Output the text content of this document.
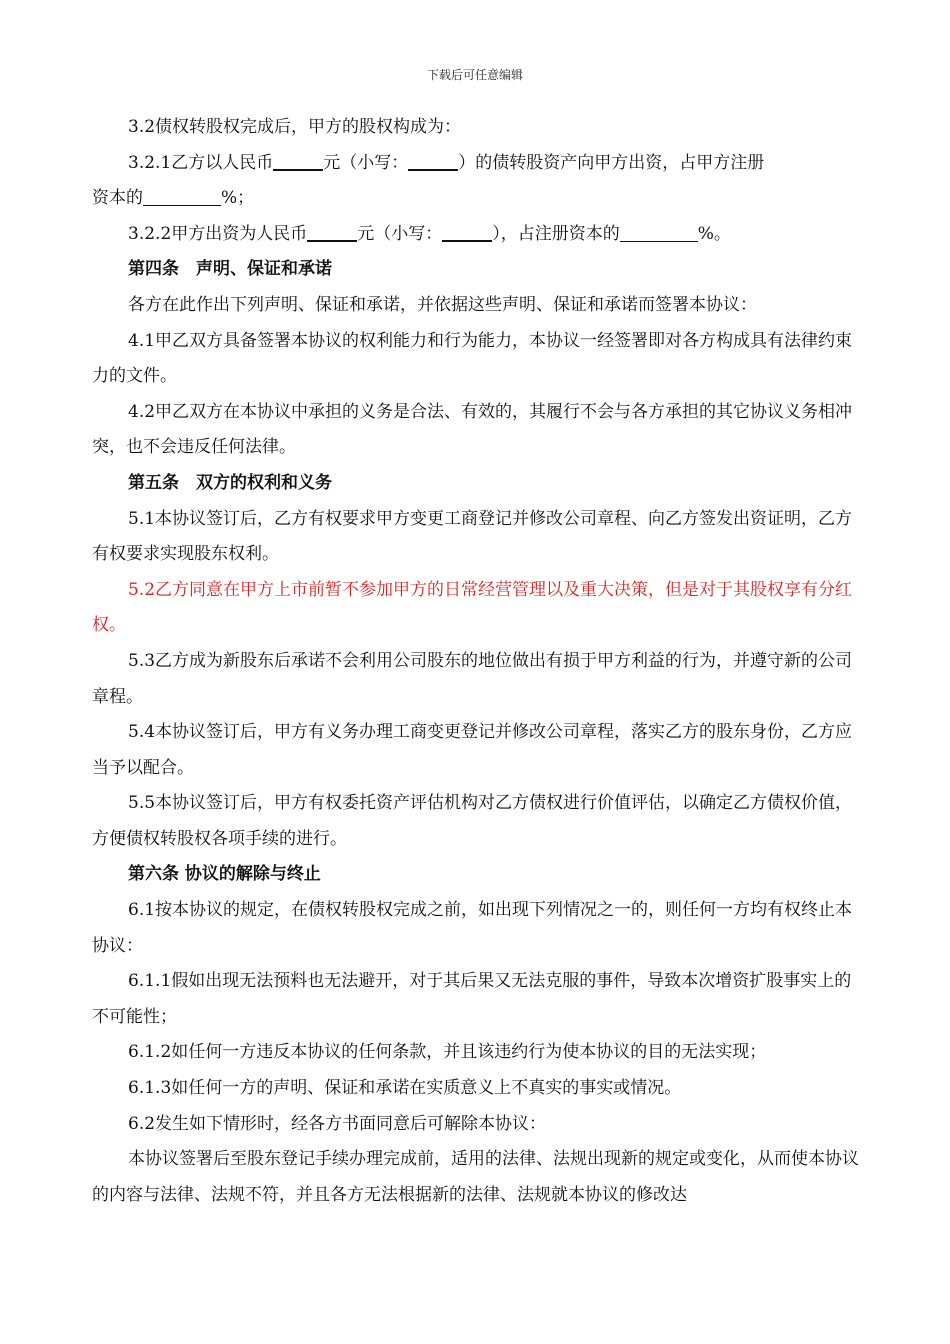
下载后可任意编辑

3.2债权转股权完成后，甲方的股权构成为：

3.2.1乙方以人民币	元（小写：	）的债转股资产向甲方出资，占甲方注册

资本的	%；

3.2.2甲方出资为人民币	元（小写：	），占注册资本的	%。

第四条　声明、保证和承诺

各方在此作出下列声明、保证和承诺，并依据这些声明、保证和承诺而签署本协议：

4.1甲乙双方具备签署本协议的权利能力和行为能力，本协议一经签署即对各方构成具有法律约束力的文件。

4.2甲乙双方在本协议中承担的义务是合法、有效的，其履行不会与各方承担的其它协议义务相冲突，也不会违反任何法律。

第五条　双方的权利和义务

5.1本协议签订后，乙方有权要求甲方变更工商登记并修改公司章程、向乙方签发出资证明，乙方有权要求实现股东权利。

5.2乙方同意在甲方上市前暂不参加甲方的日常经营管理以及重大决策，但是对于其股权享有分红权。

5.3乙方成为新股东后承诺不会利用公司股东的地位做出有损于甲方利益的行为，并遵守新的公司章程。

5.4本协议签订后，甲方有义务办理工商变更登记并修改公司章程，落实乙方的股东身份，乙方应当予以配合。

5.5本协议签订后，甲方有权委托资产评估机构对乙方债权进行价值评估，以确定乙方债权价值，方便债权转股权各项手续的进行。

第六条 协议的解除与终止

6.1按本协议的规定，在债权转股权完成之前，如出现下列情况之一的，则任何一方均有权终止本协议：

6.1.1假如出现无法预料也无法避开，对于其后果又无法克服的事件，导致本次增资扩股事实上的不可能性；

6.1.2如任何一方违反本协议的任何条款，并且该违约行为使本协议的目的无法实现；

6.1.3如任何一方的声明、保证和承诺在实质意义上不真实的事实或情况。

6.2发生如下情形时，经各方书面同意后可解除本协议：

本协议签署后至股东登记手续办理完成前，适用的法律、法规出现新的规定或变化，从而使本协议的内容与法律、法规不符，并且各方无法根据新的法律、法规就本协议的修改达
